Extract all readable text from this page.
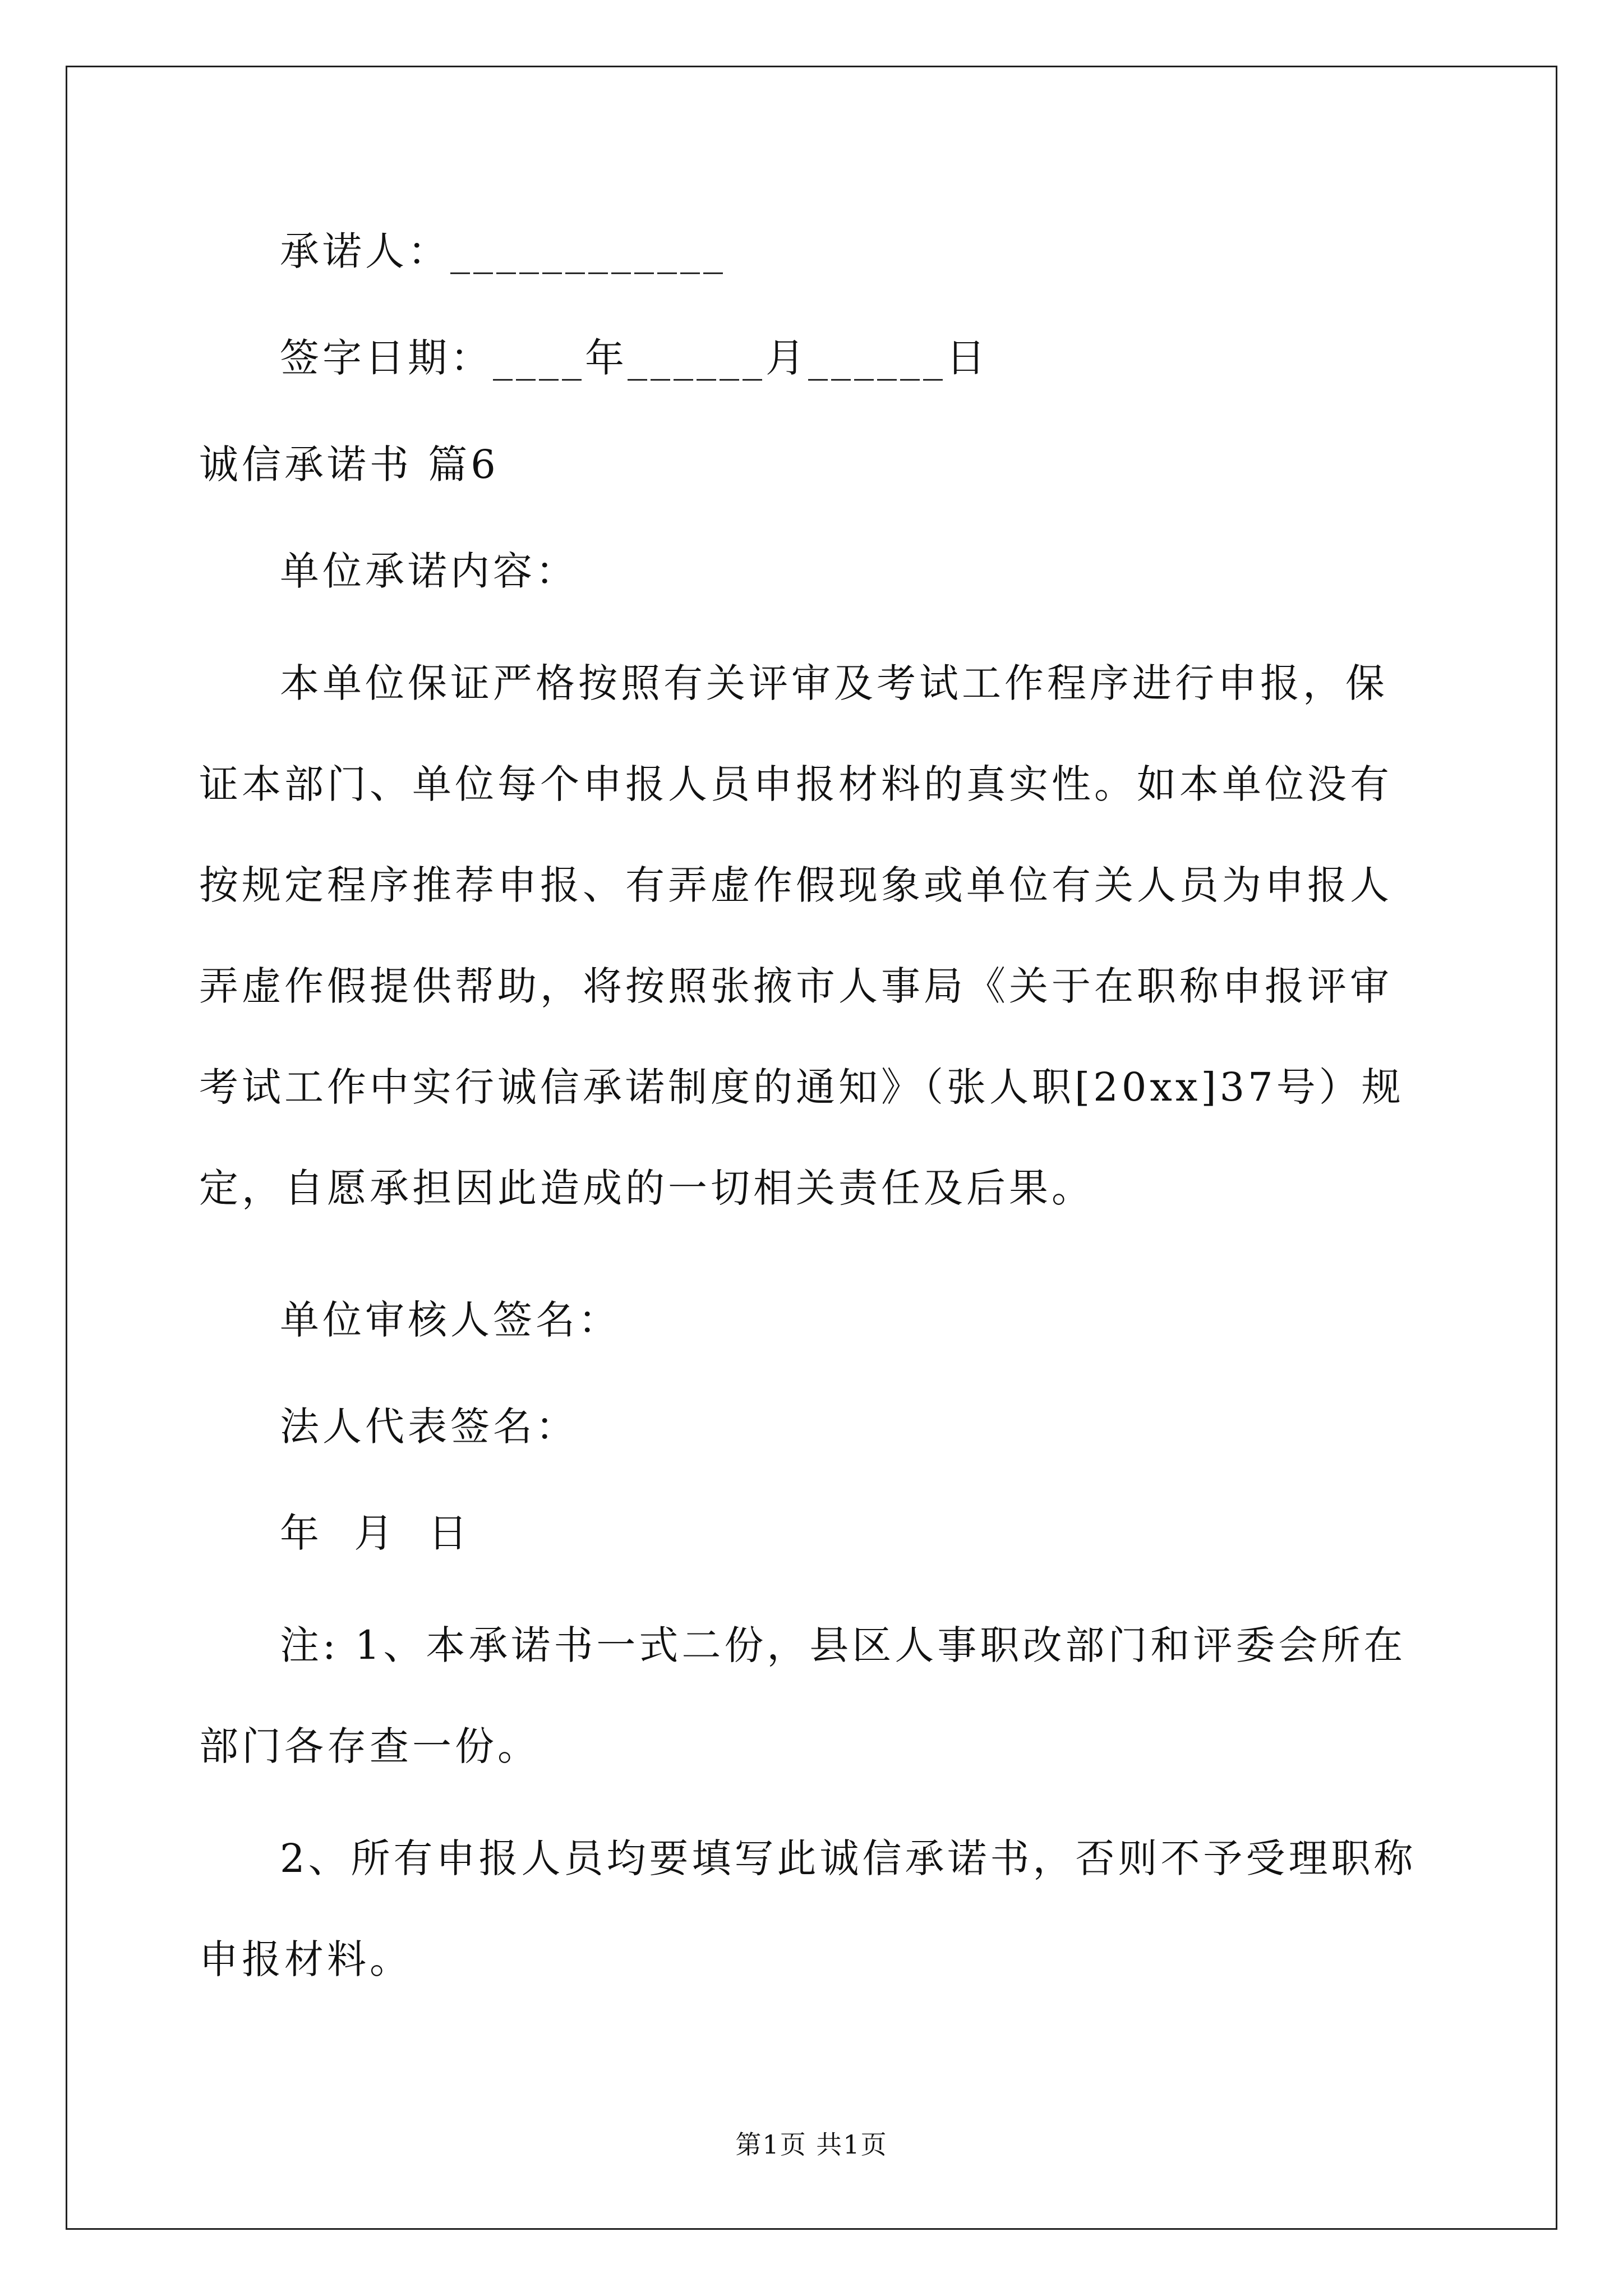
承诺人：____________
签字日期：____年______月______日
诚信承诺书 篇6
单位承诺内容：
本单位保证严格按照有关评审及考试工作程序进行申报，保证本部门、单位每个申报人员申报材料的真实性。如本单位没有按规定程序推荐申报、有弄虚作假现象或单位有关人员为申报人弄虚作假提供帮助，将按照张掖市人事局《关于在职称申报评审考试工作中实行诚信承诺制度的通知》（张人职[20xx]37号）规定，自愿承担因此造成的一切相关责任及后果。
单位审核人签名：
法人代表签名：
年 月 日
注: 1、本承诺书一式二份，县区人事职改部门和评委会所在部门各存查一份。
2、所有申报人员均要填写此诚信承诺书，否则不予受理职称申报材料。
第1页 共1页
